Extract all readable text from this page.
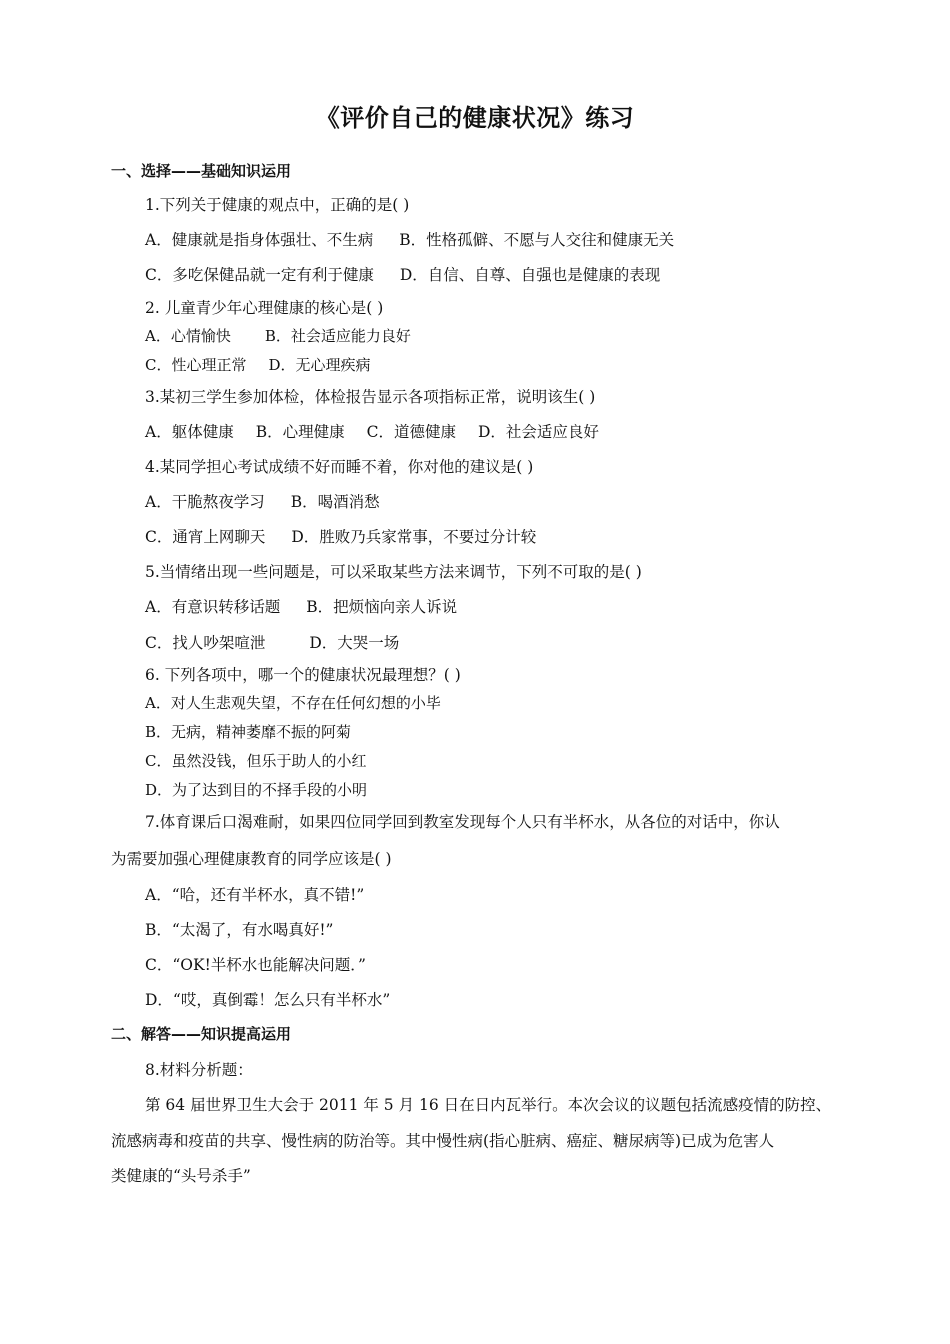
《评价自己的健康状况》练习
一、选择——基础知识运用
1.下列关于健康的观点中，正确的是( )
A．健康就是指身体强壮、不生病 B．性格孤僻、不愿与人交往和健康无关
C．多吃保健品就一定有利于健康 D．自信、自尊、自强也是健康的表现
2. 儿童青少年心理健康的核心是( )
A．心情愉快 B．社会适应能力良好
C．性心理正常 D．无心理疾病
3.某初三学生参加体检，体检报告显示各项指标正常，说明该生( )
A．躯体健康 B．心理健康 C．道德健康 D．社会适应良好
4.某同学担心考试成绩不好而睡不着，你对他的建议是( )
A．干脆熬夜学习 B．喝酒消愁
C．通宵上网聊天 D．胜败乃兵家常事，不要过分计较
5.当情绪出现一些问题是，可以采取某些方法来调节，下列不可取的是( )
A．有意识转移话题 B．把烦恼向亲人诉说
C．找人吵架喧泄	D．大哭一场
6. 下列各项中，哪一个的健康状况最理想？( )
A．对人生悲观失望，不存在任何幻想的小毕
B．无病，精神萎靡不振的阿菊
C．虽然没钱，但乐于助人的小红
D．为了达到目的不择手段的小明
7.体育课后口渴难耐，如果四位同学回到教室发现每个人只有半杯水，从各位的对话中，你认
为需要加强心理健康教育的同学应该是( )
A．“哈，还有半杯水，真不错!”
B．“太渴了，有水喝真好!”
C．“OK!半杯水也能解决问题．”
D．“哎，真倒霉！怎么只有半杯水”
二、解答——知识提高运用
8.材料分析题：
第 64 届世界卫生大会于 2011 年 5 月 16 日在日内瓦举行。本次会议的议题包括流感疫情的防控、
流感病毒和疫苗的共享、慢性病的防治等。其中慢性病(指心脏病、癌症、糖尿病等)已成为危害人
类健康的“头号杀手”
